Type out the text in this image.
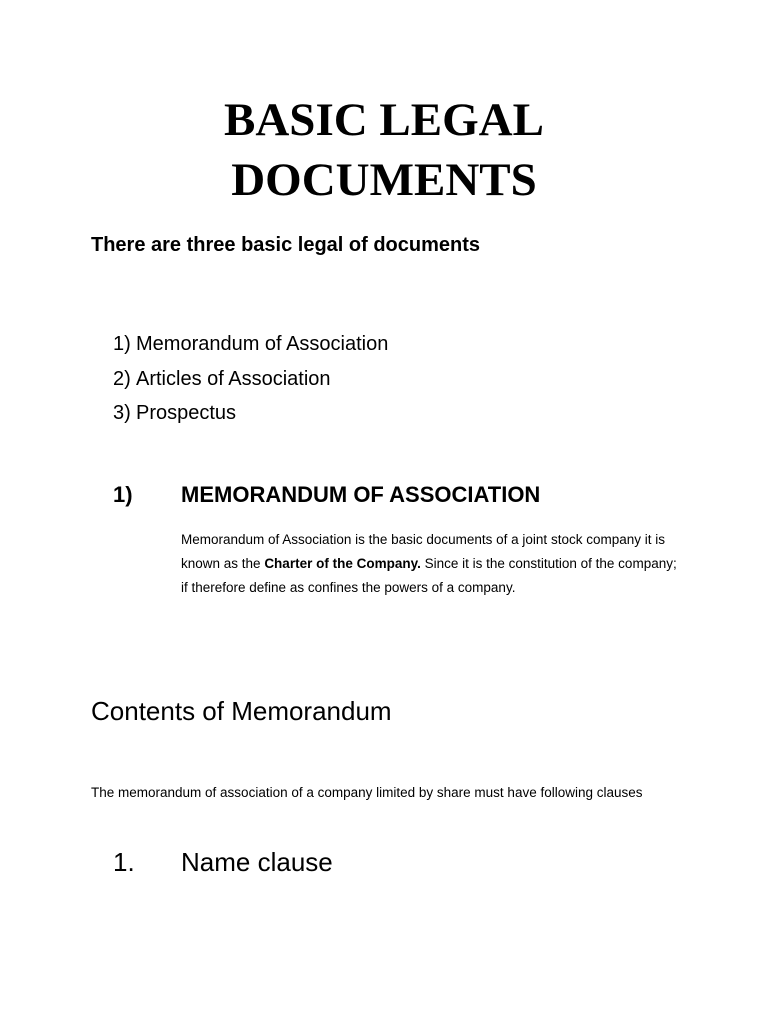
BASIC LEGAL
DOCUMENTS
There are three basic legal of documents
1) Memorandum of Association
2) Articles of Association
3) Prospectus
1) MEMORANDUM OF ASSOCIATION
Memorandum of Association is the basic documents of a joint stock company it is known as the Charter of the Company. Since it is the constitution of the company; if therefore define as confines the powers of a company.
Contents of Memorandum
The memorandum of association of a company limited by share must have following clauses
1. Name clause
